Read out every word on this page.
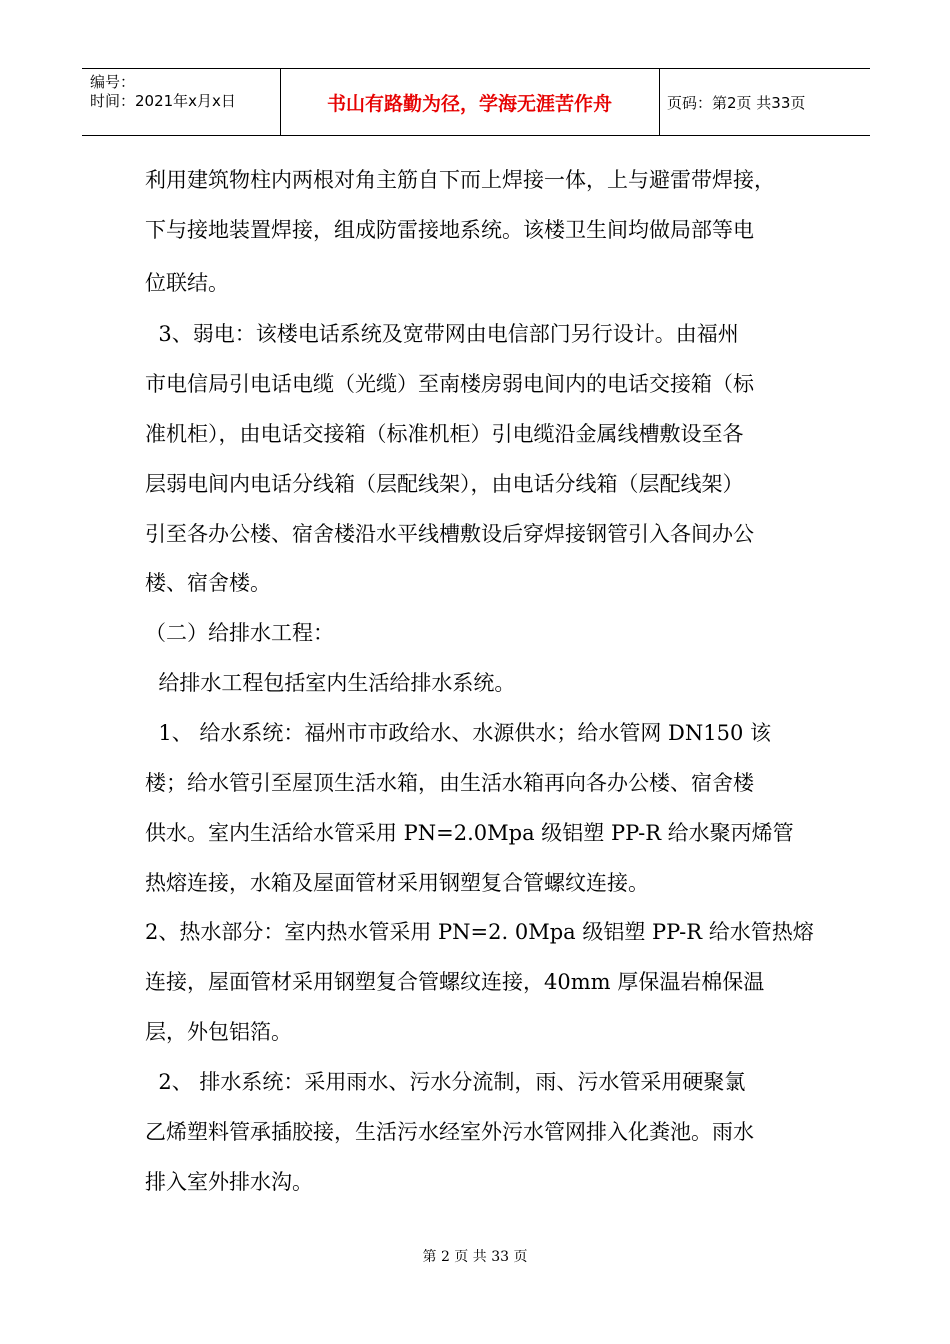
编号：
时间：2021年x月x日	书山有路勤为径，学海无涯苦作舟	页码：第2页 共33页
利用建筑物柱内两根对角主筋自下而上焊接一体，上与避雷带焊接，
下与接地装置焊接，组成防雷接地系统。该楼卫生间均做局部等电
位联结。
3、弱电：该楼电话系统及宽带网由电信部门另行设计。由福州
市电信局引电话电缆（光缆）至南楼房弱电间内的电话交接箱（标
准机柜），由电话交接箱（标准机柜）引电缆沿金属线槽敷设至各
层弱电间内电话分线箱（层配线架），由电话分线箱（层配线架）
引至各办公楼、宿舍楼沿水平线槽敷设后穿焊接钢管引入各间办公
楼、宿舍楼。
（二）给排水工程：
给排水工程包括室内生活给排水系统。
1、 给水系统：福州市市政给水、水源供水；给水管网 DN150 该
楼；给水管引至屋顶生活水箱，由生活水箱再向各办公楼、宿舍楼
供水。室内生活给水管采用 PN=2.0Mpa 级铝塑 PP-R 给水聚丙烯管
热熔连接，水箱及屋面管材采用钢塑复合管螺纹连接。
2、热水部分：室内热水管采用 PN=2. 0Mpa 级铝塑 PP-R 给水管热熔
连接，屋面管材采用钢塑复合管螺纹连接，40mm 厚保温岩棉保温
层，外包铝箔。
2、 排水系统：采用雨水、污水分流制，雨、污水管采用硬聚氯
乙烯塑料管承插胶接，生活污水经室外污水管网排入化粪池。雨水
排入室外排水沟。
第 2 页 共 33 页
